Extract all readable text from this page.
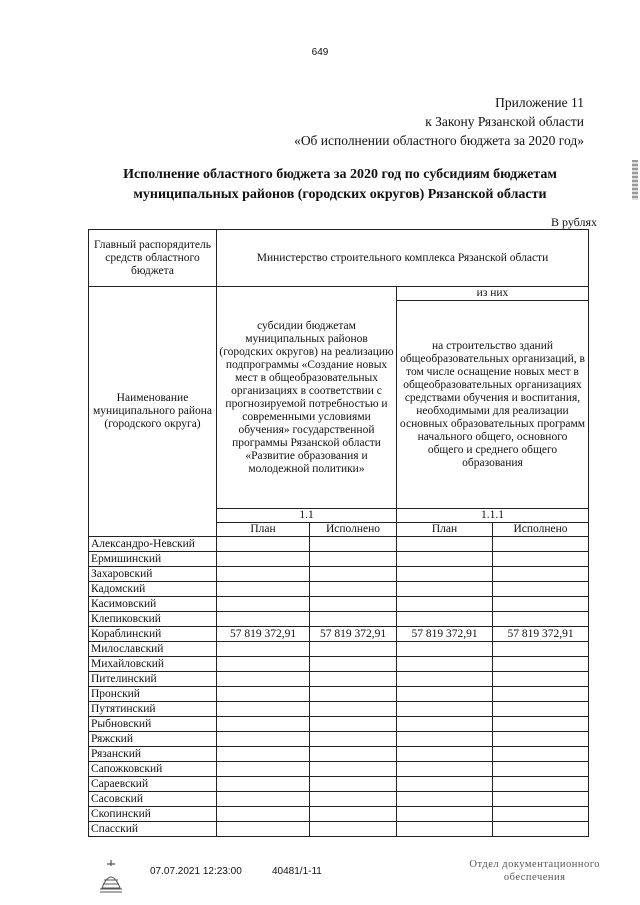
649
Приложение 11
к Закону Рязанской области
«Об исполнении областного бюджета за 2020 год»
Исполнение областного бюджета за 2020 год по субсидиям бюджетам
муниципальных районов (городских округов) Рязанской области
В рублях
Главный распорядитель средств областного бюджета	Министерство строительного комплекса Рязанской области			
Наименование муниципального района (городского округа)	субсидии бюджетам муниципальных районов (городских округов) на реализацию подпрограммы «Создание новых мест в общеобразовательных организациях в соответствии с прогнозируемой потребностью и современными условиями обучения» государственной программы Рязанской области «Развитие образования и молодежной политики»		из них	
			на строительство зданий общеобразовательных организаций, в том числе оснащение новых мест в общеобразовательных организациях средствами обучения и воспитания, необходимыми для реализации основных образовательных программ начального общего, основного общего и среднего общего образования	
	1.1		1.1.1	
	План	Исполнено	План	Исполнено
Александро-Невский				
Ермишинский				
Захаровский				
Кадомский				
Касимовский				
Клепиковский				
Кораблинский	57 819 372,91	57 819 372,91	57 819 372,91	57 819 372,91
Милославский				
Михайловский				
Пителинский				
Пронский				
Путятинский				
Рыбновский				
Ряжский				
Рязанский				
Сапожковский				
Сараевский				
Сасовский				
Скопинский				
Спасский				
07.07.2021 12:23:00	40481/1-11
Отдел документационного
обеспечения
